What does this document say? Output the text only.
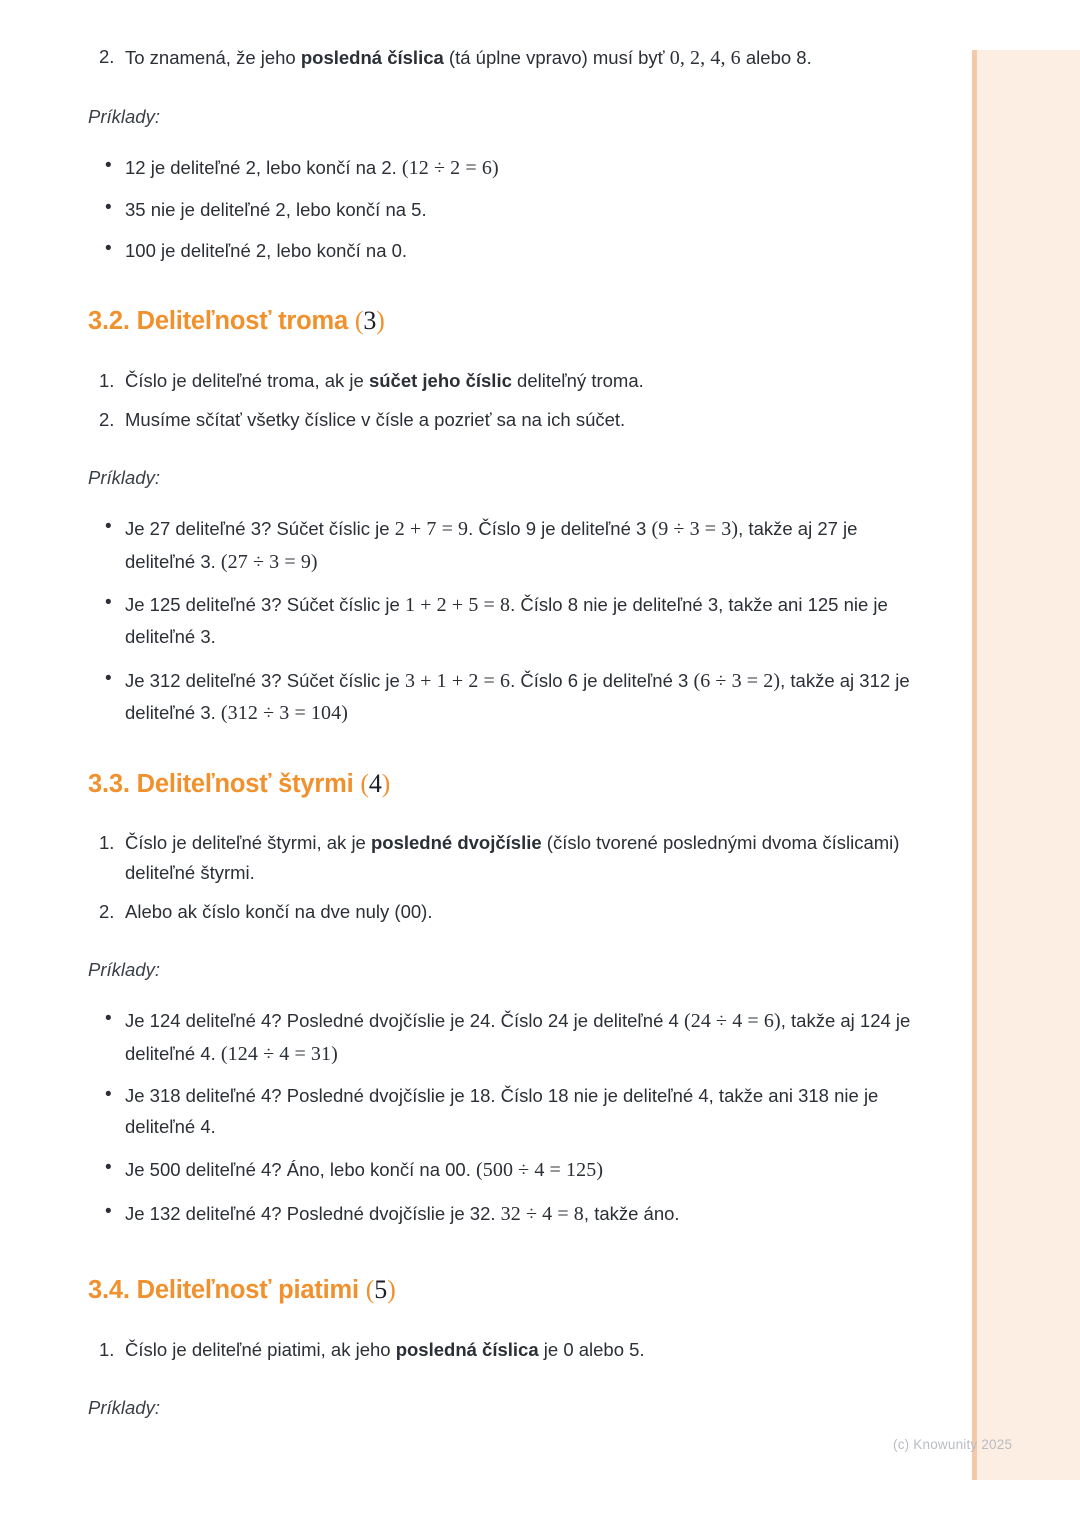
2. To znamená, že jeho posledná číslica (tá úplne vpravo) musí byť 0, 2, 4, 6 alebo 8.

Príklady:

• 12 je deliteľné 2, lebo končí na 2. (12 ÷ 2 = 6)
• 35 nie je deliteľné 2, lebo končí na 5.
• 100 je deliteľné 2, lebo končí na 0.
3.2. Deliteľnosť troma (3)
1. Číslo je deliteľné troma, ak je súčet jeho číslic deliteľný troma.
2. Musíme sčítať všetky číslice v čísle a pozrieť sa na ich súčet.

Príklady:

• Je 27 deliteľné 3? Súčet číslic je 2 + 7 = 9. Číslo 9 je deliteľné 3 (9 ÷ 3 = 3), takže aj 27 je deliteľné 3. (27 ÷ 3 = 9)
• Je 125 deliteľné 3? Súčet číslic je 1 + 2 + 5 = 8. Číslo 8 nie je deliteľné 3, takže ani 125 nie je deliteľné 3.
• Je 312 deliteľné 3? Súčet číslic je 3 + 1 + 2 = 6. Číslo 6 je deliteľné 3 (6 ÷ 3 = 2), takže aj 312 je deliteľné 3. (312 ÷ 3 = 104)
3.3. Deliteľnosť štyrmi (4)
1. Číslo je deliteľné štyrmi, ak je posledné dvojčíslie (číslo tvorené poslednými dvoma číslicami) deliteľné štyrmi.
2. Alebo ak číslo končí na dve nuly (00).

Príklady:

• Je 124 deliteľné 4? Posledné dvojčíslie je 24. Číslo 24 je deliteľné 4 (24 ÷ 4 = 6), takže aj 124 je deliteľné 4. (124 ÷ 4 = 31)
• Je 318 deliteľné 4? Posledné dvojčíslie je 18. Číslo 18 nie je deliteľné 4, takže ani 318 nie je deliteľné 4.
• Je 500 deliteľné 4? Áno, lebo končí na 00. (500 ÷ 4 = 125)
• Je 132 deliteľné 4? Posledné dvojčíslie je 32. 32 ÷ 4 = 8, takže áno.
3.4. Deliteľnosť piatimi (5)
1. Číslo je deliteľné piatimi, ak jeho posledná číslica je 0 alebo 5.

Príklady:

(c) Knowunity 2025
